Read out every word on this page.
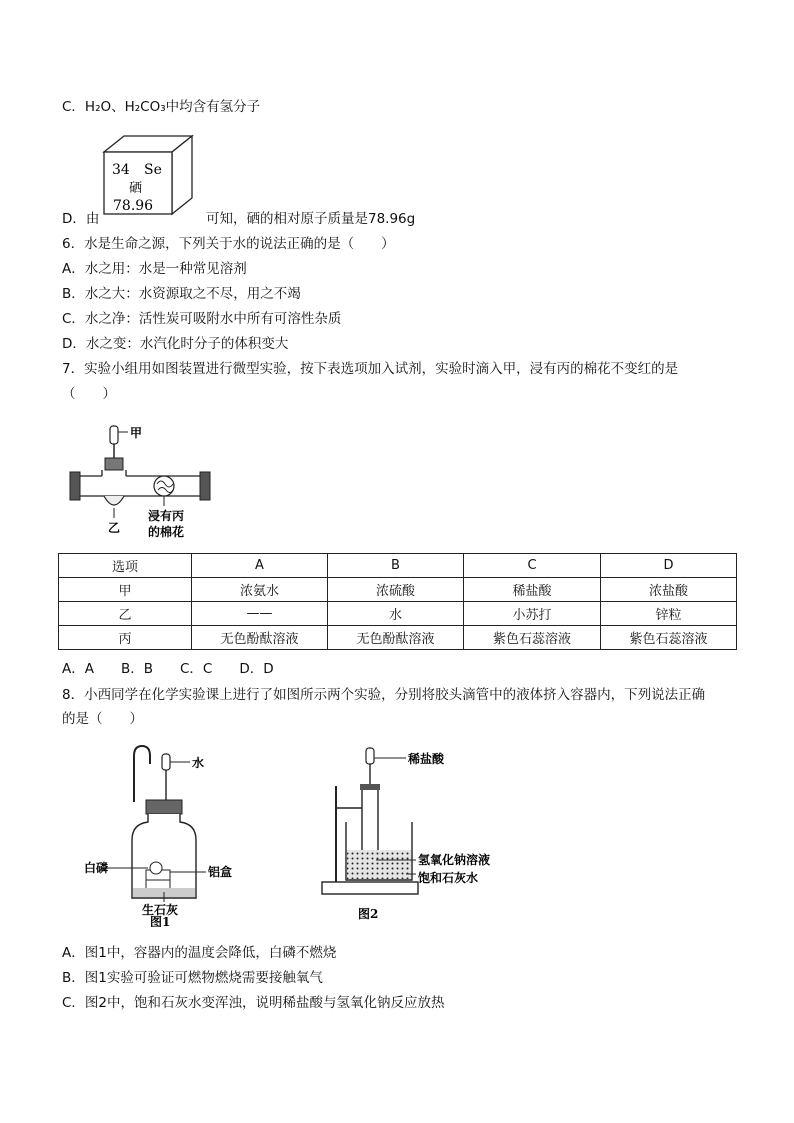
C．H₂O、H₂CO₃中均含有氢分子
34 Se
硒
78.96
D．由	可知，硒的相对原子质量是78.96g
6．水是生命之源，下列关于水的说法正确的是（　　）
A．水之用：水是一种常见溶剂
B．水之大：水资源取之不尽，用之不竭
C．水之净：活性炭可吸附水中所有可溶性杂质
D．水之变：水汽化时分子的体积变大
7．实验小组用如图装置进行微型实验，按下表选项加入试剂，实验时滴入甲，浸有丙的棉花不变红的是
（　　）
甲
乙
浸有丙
的棉花
选项	A	B	C	D
甲	浓氨水	浓硫酸	稀盐酸	浓盐酸
乙	——	水	小苏打	锌粒
丙	无色酚酞溶液	无色酚酞溶液	紫色石蕊溶液	紫色石蕊溶液
A．A　　B．B　　C．C　　D．D
8．小西同学在化学实验课上进行了如图所示两个实验，分别将胶头滴管中的液体挤入容器内，下列说法正确
的是（　　）
水
白磷	铝盒
生石灰
图1
稀盐酸
氢氧化钠溶液
饱和石灰水
图2
A．图1中，容器内的温度会降低，白磷不燃烧
B．图1实验可验证可燃物燃烧需要接触氧气
C．图2中，饱和石灰水变浑浊，说明稀盐酸与氢氧化钠反应放热
